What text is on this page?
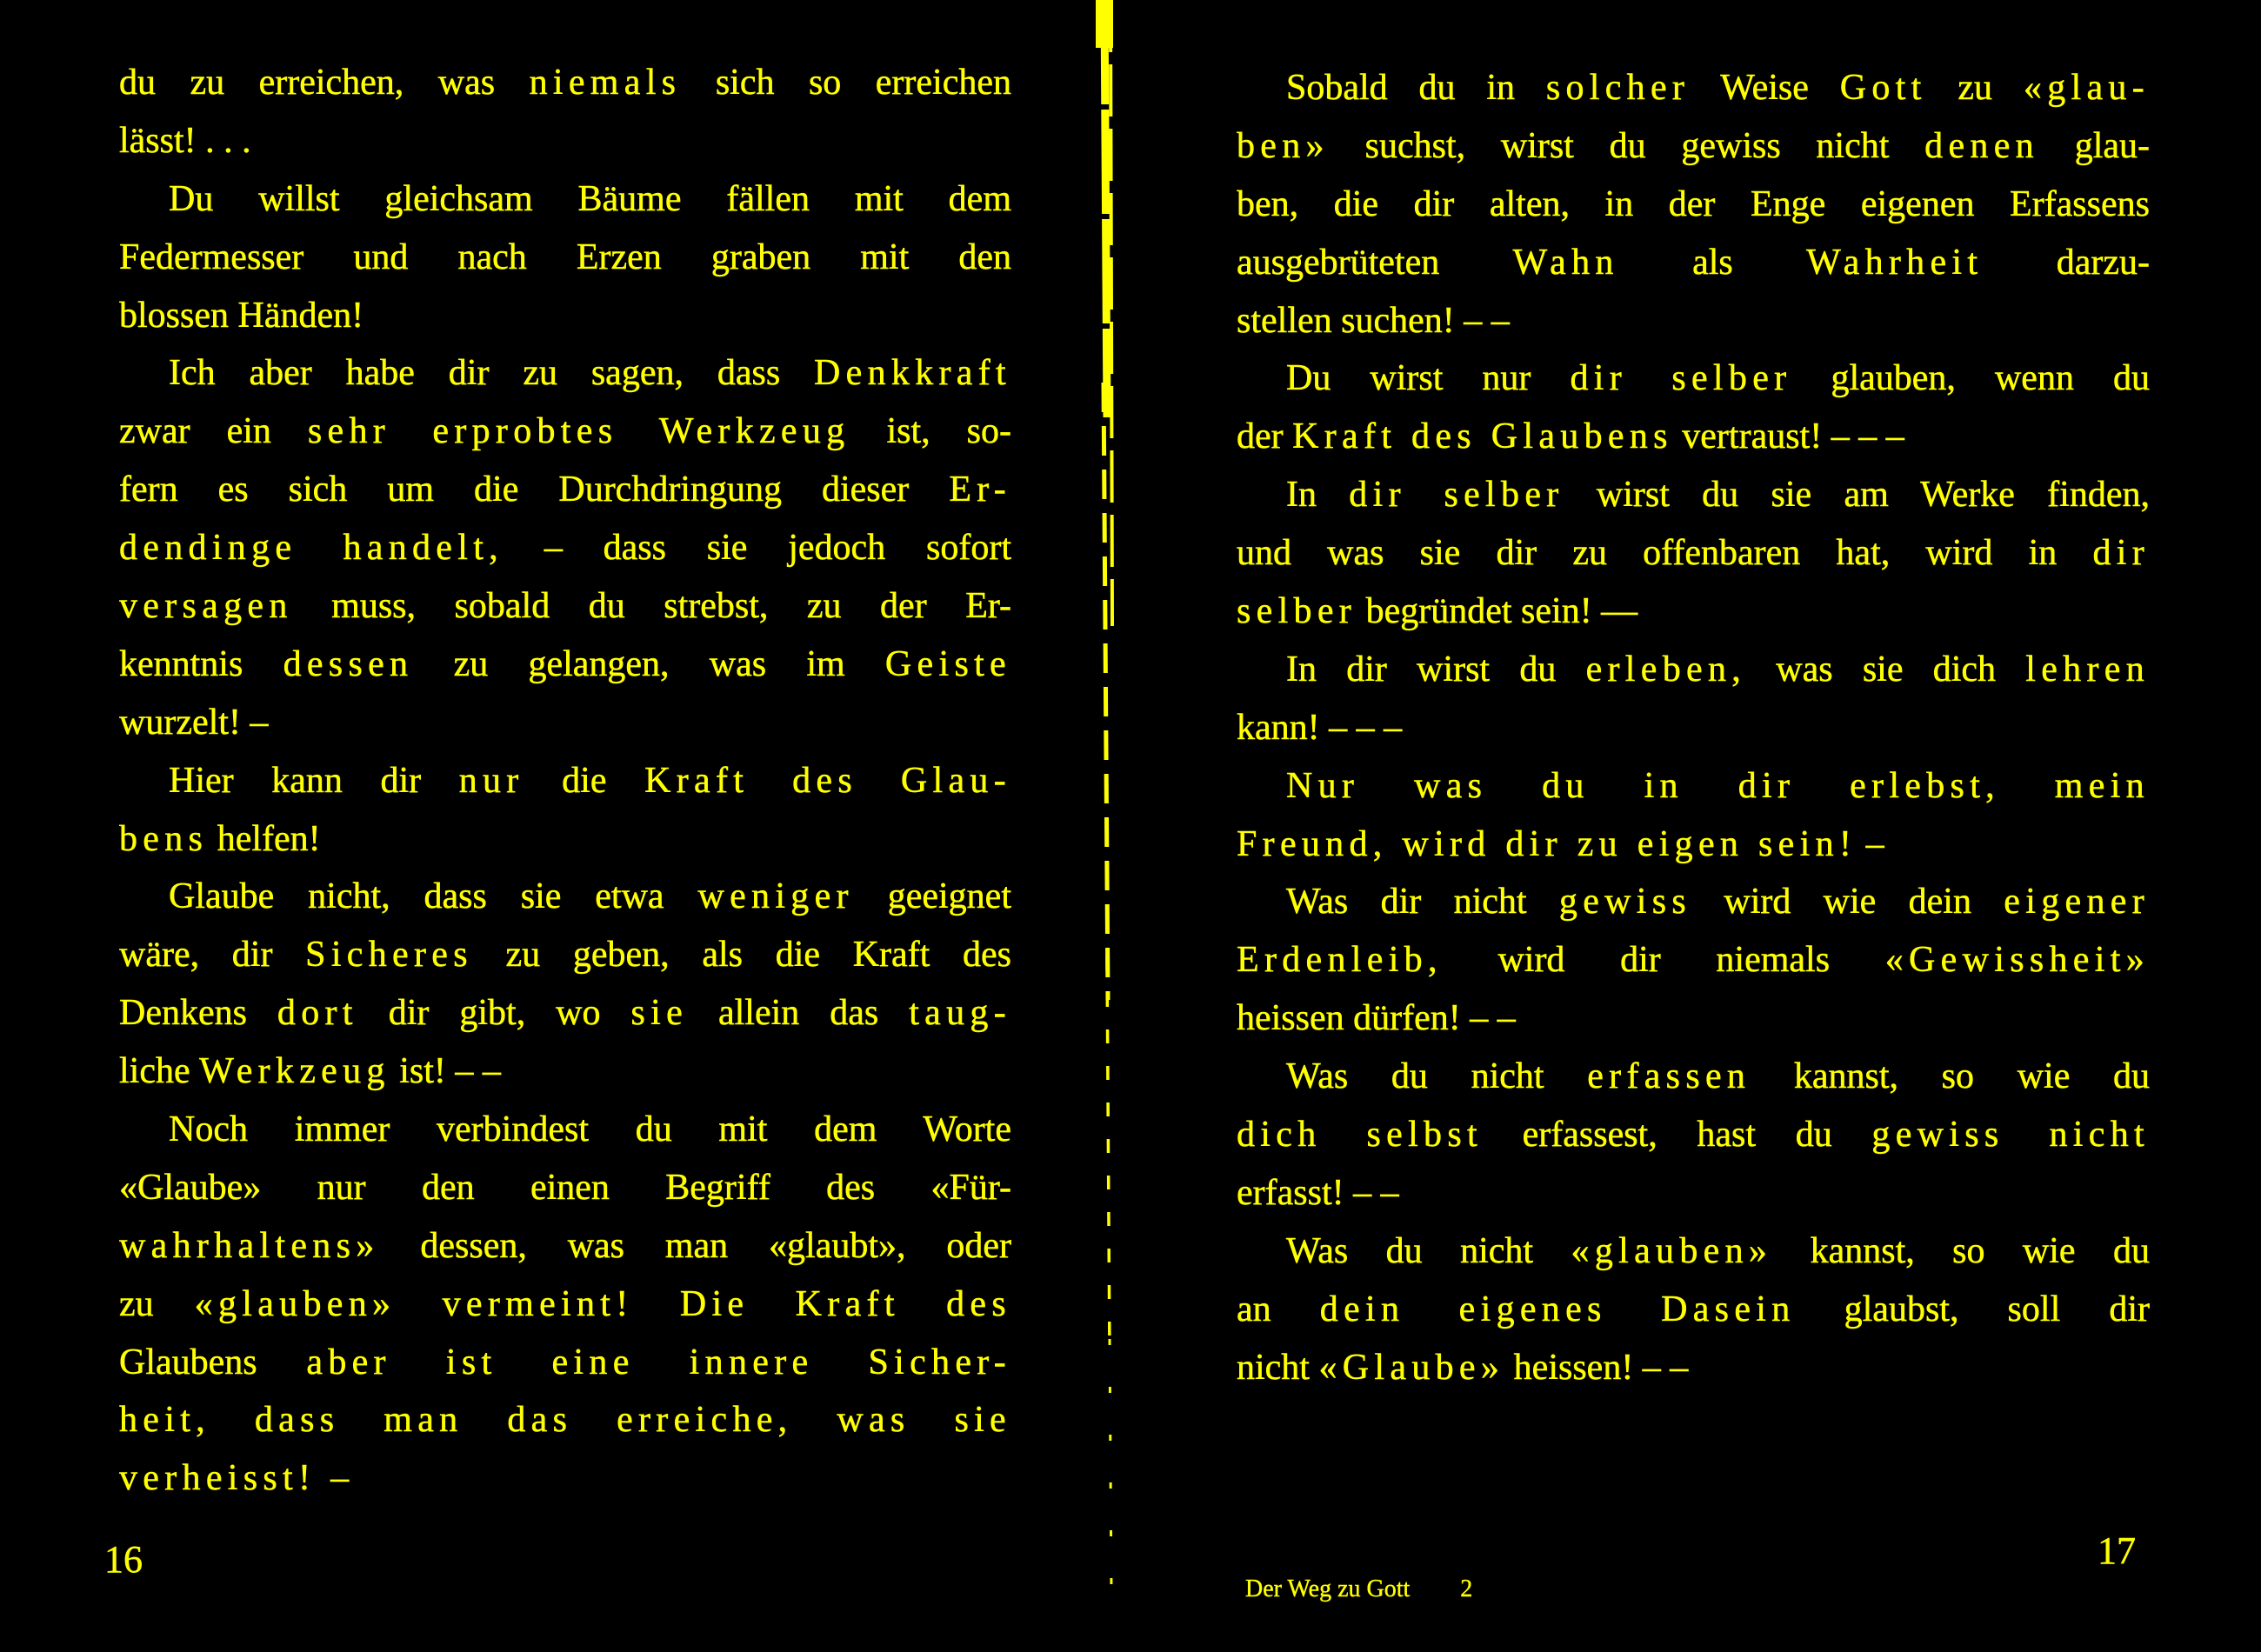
du zu erreichen, was niemals sich so erreichen
lässt! . . .
Du willst gleichsam Bäume fällen mit dem
Federmesser und nach Erzen graben mit den
blossen Händen!
Ich aber habe dir zu sagen, dass Denkkraft
zwar ein sehr erprobtes Werkzeug ist, so-
fern es sich um die Durchdringung dieser Er-
dendinge handelt, – dass sie jedoch sofort
versagen muss, sobald du strebst, zu der Er-
kenntnis dessen zu gelangen, was im Geiste
wurzelt! –
Hier kann dir nur die Kraft des Glau-
bens helfen!
Glaube nicht, dass sie etwa weniger geeignet
wäre, dir Sicheres zu geben, als die Kraft des
Denkens dort dir gibt, wo sie allein das taug-
liche Werkzeug ist! – –
Noch immer verbindest du mit dem Worte
«Glaube» nur den einen Begriff des «Für-
wahrhaltens» dessen, was man «glaubt», oder
zu «glauben» vermeint! Die Kraft des
Glaubens aber ist eine innere Sicher-
heit, dass man das erreiche, was sie
verheisst! –
Sobald du in solcher Weise Gott zu «glau-
ben» suchst, wirst du gewiss nicht denen glau-
ben, die dir alten, in der Enge eigenen Erfassens
ausgebrüteten Wahn als Wahrheit darzu-
stellen suchen! – –
Du wirst nur dir selber glauben, wenn du
der Kraft des Glaubens vertraust! – – –
In dir selber wirst du sie am Werke finden,
und was sie dir zu offenbaren hat, wird in dir
selber begründet sein! —
In dir wirst du erleben, was sie dich lehren
kann! – – –
Nur was du in dir erlebst, mein
Freund, wird dir zu eigen sein! –
Was dir nicht gewiss wird wie dein eigener
Erdenleib, wird dir niemals «Gewissheit»
heissen dürfen! – –
Was du nicht erfassen kannst, so wie du
dich selbst erfassest, hast du gewiss nicht
erfasst! – –
Was du nicht «glauben» kannst, so wie du
an dein eigenes Dasein glaubst, soll dir
nicht «Glaube» heissen! – –
16	17
Der Weg zu Gott 2
